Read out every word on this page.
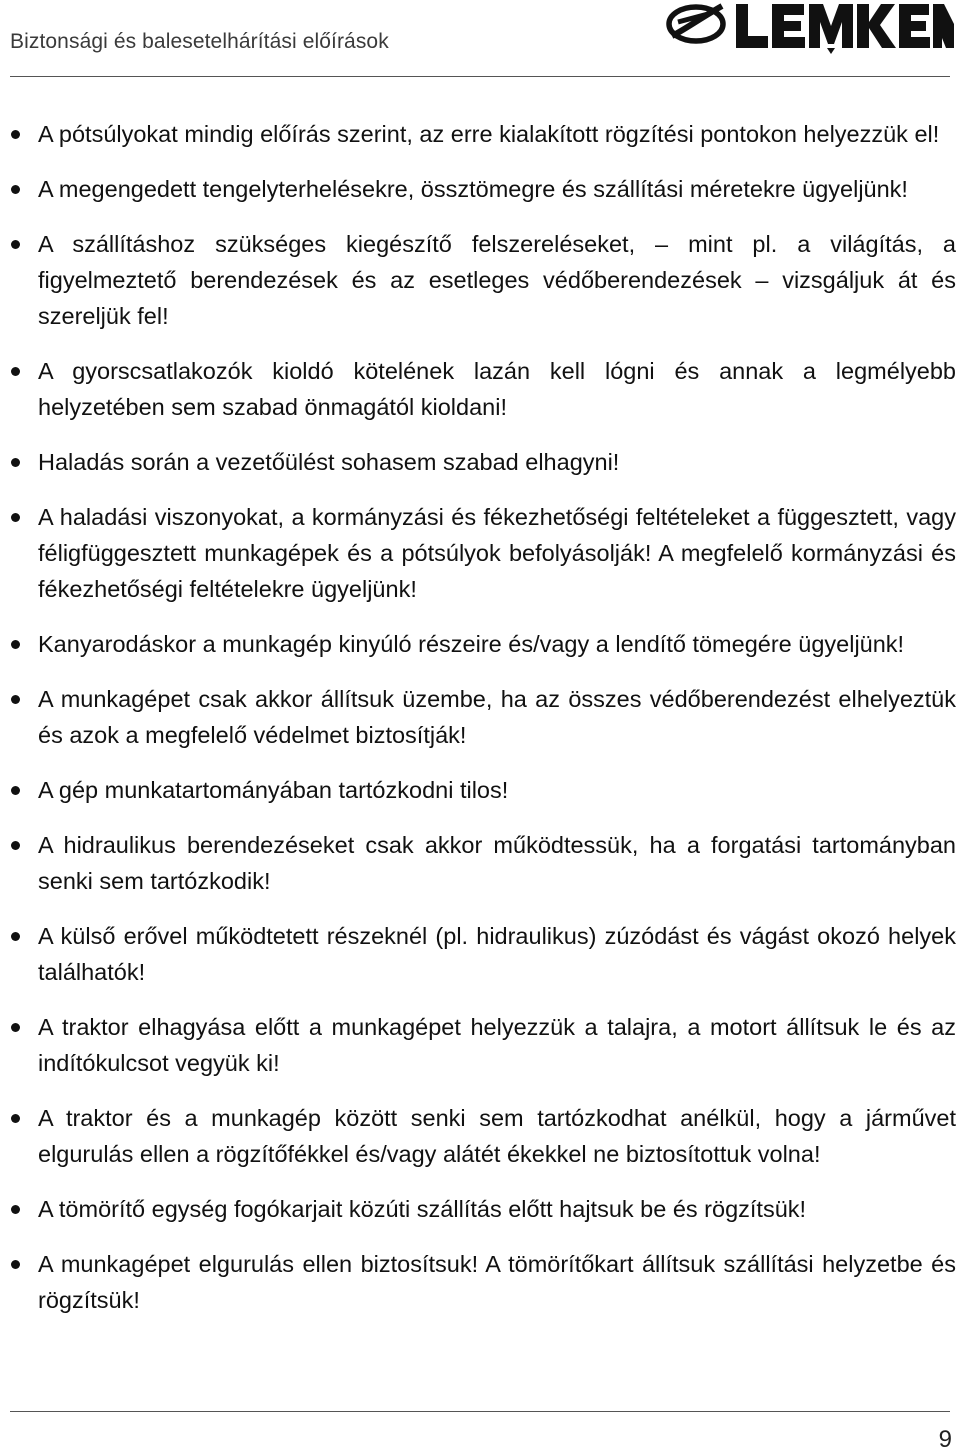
Biztonsági és balesetelhárítási előírások
A pótsúlyokat mindig előírás szerint, az erre kialakított rögzítési pontokon helyezzük el!
A megengedett tengelyterhelésekre, össztömegre és szállítási méretekre ügyeljünk!
A szállításhoz szükséges kiegészítő felszereléseket, – mint pl. a világítás, a figyelmeztető berendezések és az esetleges védőberendezések – vizsgáljuk át és szereljük fel!
A gyorscsatlakozók kioldó kötelének lazán kell lógni és annak a legmélyebb helyzetében sem szabad önmagától kioldani!
Haladás során a vezetőülést sohasem szabad elhagyni!
A haladási viszonyokat, a kormányzási és fékezhetőségi feltételeket a függesztett, vagy féligfüggesztett munkagépek és a pótsúlyok befolyásolják! A megfelelő kormányzási és fékezhetőségi feltételekre ügyeljünk!
Kanyarodáskor a munkagép kinyúló részeire és/vagy a lendítő tömegére ügyeljünk!
A munkagépet csak akkor állítsuk üzembe, ha az összes védőberendezést elhelyeztük és azok a megfelelő védelmet biztosítják!
A gép munkatartományában tartózkodni tilos!
A hidraulikus berendezéseket csak akkor működtessük, ha a forgatási tartományban senki sem tartózkodik!
A külső erővel működtetett részeknél (pl. hidraulikus) zúzódást és vágást okozó helyek találhatók!
A traktor elhagyása előtt a munkagépet helyezzük a talajra, a motort állítsuk le és az indítókulcsot vegyük ki!
A traktor és a munkagép között senki sem tartózkodhat anélkül, hogy a járművet elgurulás ellen a rögzítőfékkel és/vagy alátét ékekkel ne biztosítottuk volna!
A tömörítő egység fogókarjait közúti szállítás előtt hajtsuk be és rögzítsük!
A munkagépet elgurulás ellen biztosítsuk! A tömörítőkart állítsuk szállítási helyzetbe és rögzítsük!
9
